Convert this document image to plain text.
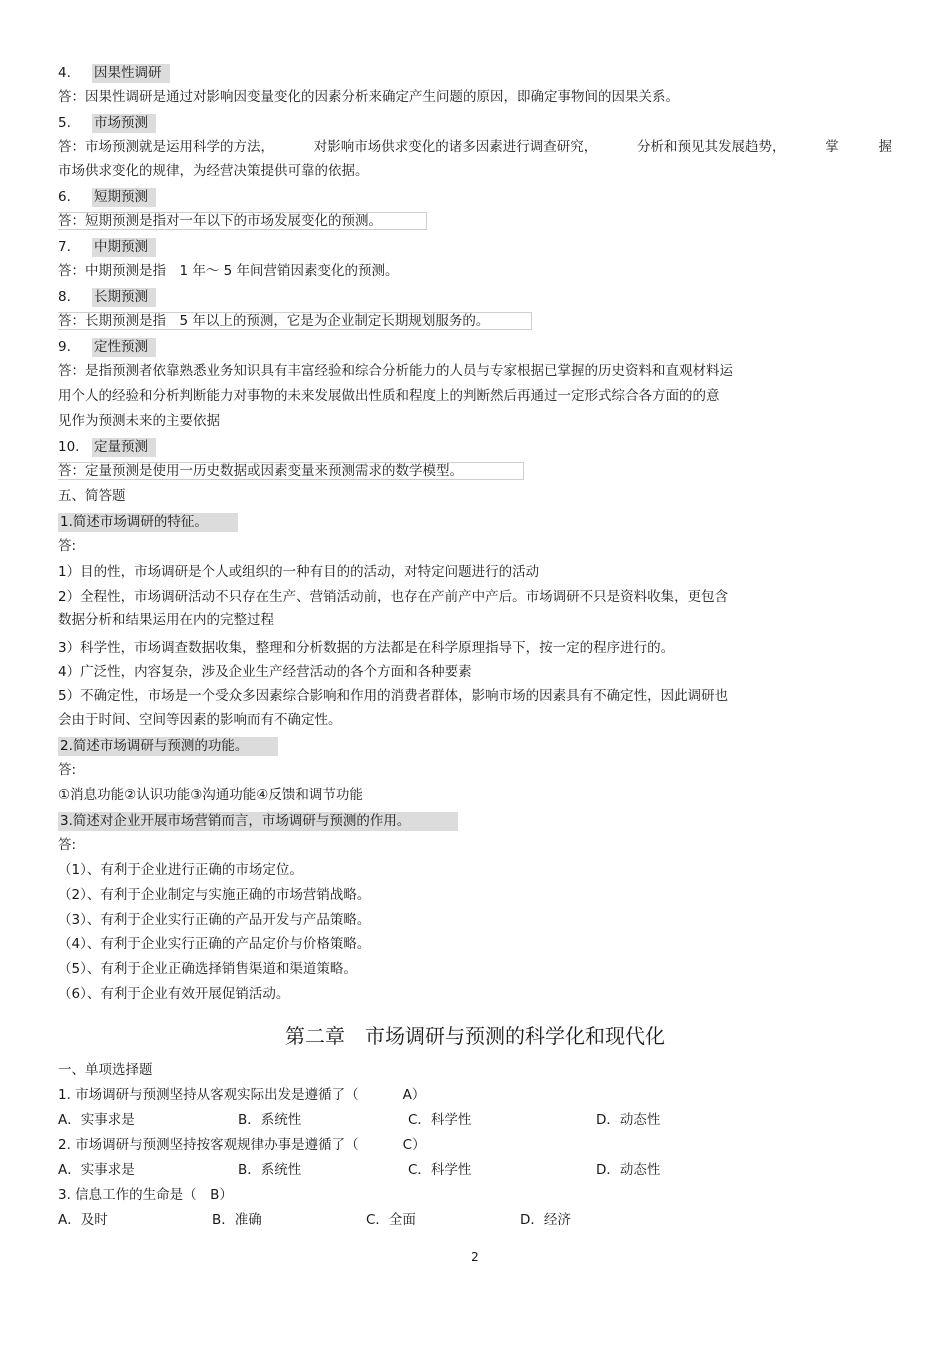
4. 因果性调研
答：因果性调研是通过对影响因变量变化的因素分析来确定产生问题的原因，即确定事物间的因果关系。
5. 市场预测
答：市场预测就是运用科学的方法，	对影响市场供求变化的诸多因素进行调查研究，	分析和预见其发展趋势，	掌	握
市场供求变化的规律，为经营决策提供可靠的依据。
6. 短期预测
答：短期预测是指对一年以下的市场发展变化的预测。
7. 中期预测
答：中期预测是指　1 年～ 5 年间营销因素变化的预测。
8. 长期预测
答：长期预测是指　5 年以上的预测，它是为企业制定长期规划服务的。
9. 定性预测
答：是指预测者依靠熟悉业务知识具有丰富经验和综合分析能力的人员与专家根据已掌握的历史资料和直观材料运
用个人的经验和分析判断能力对事物的未来发展做出性质和程度上的判断然后再通过一定形式综合各方面的的意
见作为预测未来的主要依据
10. 定量预测
答：定量预测是使用一历史数据或因素变量来预测需求的数学模型。
五、简答题
1.简述市场调研的特征。
答:
1）目的性，市场调研是个人或组织的一种有目的的活动，对特定问题进行的活动
2）全程性，市场调研活动不只存在生产、营销活动前，也存在产前产中产后。市场调研不只是资料收集，更包含
数据分析和结果运用在内的完整过程
3）科学性，市场调查数据收集，整理和分析数据的方法都是在科学原理指导下，按一定的程序进行的。
4）广泛性，内容复杂，涉及企业生产经营活动的各个方面和各种要素
5）不确定性，市场是一个受众多因素综合影响和作用的消费者群体，影响市场的因素具有不确定性，因此调研也
会由于时间、空间等因素的影响而有不确定性。
2.简述市场调研与预测的功能。
答:
①消息功能②认识功能③沟通功能④反馈和调节功能
3.简述对企业开展市场营销而言，市场调研与预测的作用。
答:
（1）、有利于企业进行正确的市场定位。
（2）、有利于企业制定与实施正确的市场营销战略。
（3）、有利于企业实行正确的产品开发与产品策略。
（4）、有利于企业实行正确的产品定价与价格策略。
（5）、有利于企业正确选择销售渠道和渠道策略。
（6）、有利于企业有效开展促销活动。
第二章　市场调研与预测的科学化和现代化
一、单项选择题
1. 市场调研与预测坚持从客观实际出发是遵循了（	A）
A．实事求是	B．系统性	C．科学性	D．动态性
2. 市场调研与预测坚持按客观规律办事是遵循了（	C）
A．实事求是	B．系统性	C．科学性	D．动态性
3. 信息工作的生命是（　B）
A．及时	B．准确	C．全面	D．经济
2
